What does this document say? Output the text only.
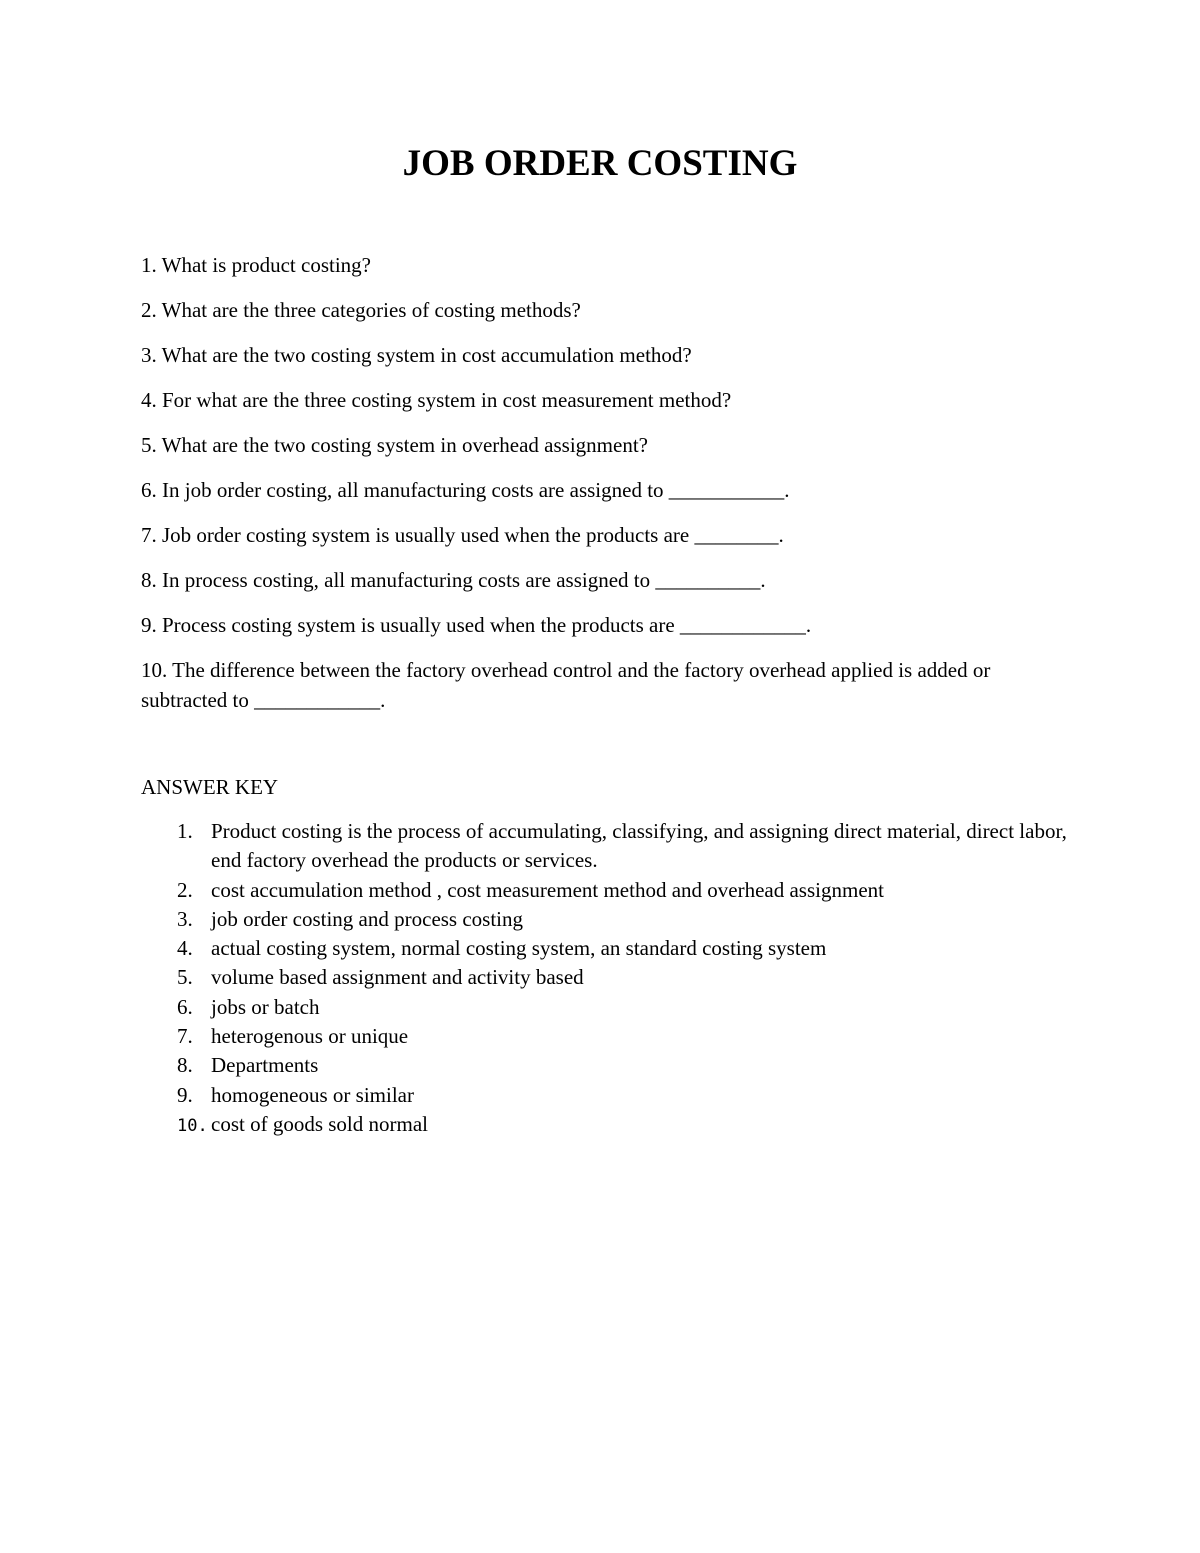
JOB ORDER COSTING
1. What is product costing?
2. What are the three categories of costing methods?
3. What are the two costing system in cost accumulation method?
4. For what are the three costing system in cost measurement method?
5. What are the two costing system in overhead assignment?
6. In job order costing, all manufacturing costs are assigned to ___________.
7. Job order costing system is usually used when the products are ________.
8. In process costing, all manufacturing costs are assigned to __________.
9. Process costing system is usually used when the products are ____________.
10. The difference between the factory overhead control and the factory overhead applied is added or subtracted to ____________.
ANSWER KEY
1. Product costing is the process of accumulating, classifying, and assigning direct material, direct labor, end factory overhead the products or services.
2. cost accumulation method , cost measurement method and overhead assignment
3. job order costing and process costing
4. actual costing system, normal costing system, an standard costing system
5. volume based assignment and activity based
6. jobs or batch
7. heterogenous or unique
8. Departments
9. homogeneous or similar
10. cost of goods sold normal
